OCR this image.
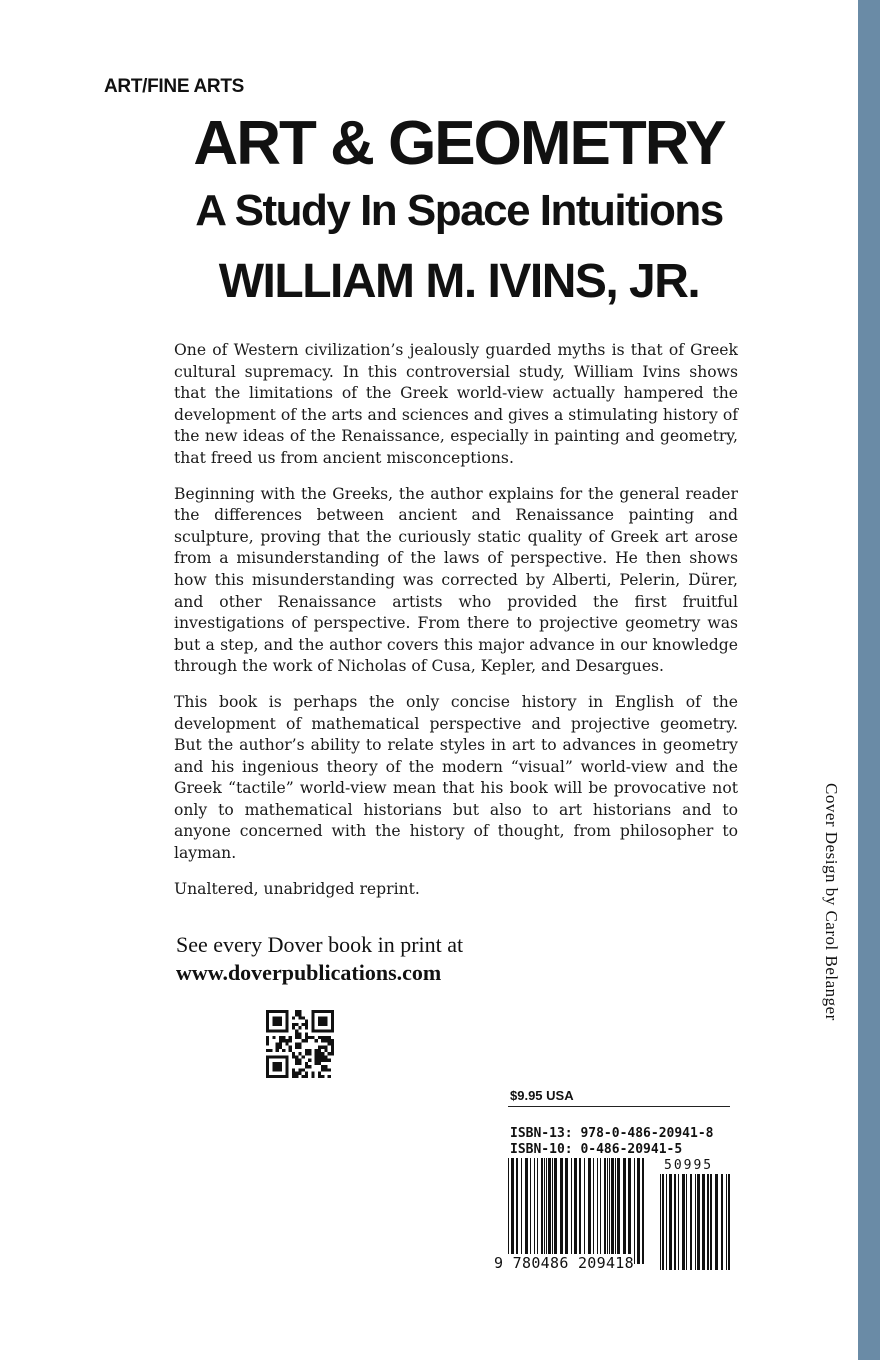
ART/FINE ARTS
ART & GEOMETRY
A Study In Space Intuitions
WILLIAM M. IVINS, JR.

One of Western civilization’s jealously guarded myths is that of Greek cultural supremacy. In this controversial study, William Ivins shows that the limitations of the Greek world-view actually hampered the development of the arts and sciences and gives a stimulating history of the new ideas of the Renaissance, especially in painting and geometry, that freed us from ancient misconceptions.

Beginning with the Greeks, the author explains for the general reader the differences between ancient and Renaissance painting and sculpture, proving that the curiously static quality of Greek art arose from a misunderstanding of the laws of perspective. He then shows how this misunderstanding was corrected by Alberti, Pelerin, Dürer, and other Renaissance artists who provided the first fruitful investigations of perspective. From there to projective geometry was but a step, and the author covers this major advance in our knowledge through the work of Nicholas of Cusa, Kepler, and Desargues.

This book is perhaps the only concise history in English of the development of mathematical perspective and projective geometry. But the author’s ability to relate styles in art to advances in geometry and his ingenious theory of the modern “visual” world-view and the Greek “tactile” world-view mean that his book will be provocative not only to mathematical historians but also to art historians and to anyone concerned with the history of thought, from philosopher to layman.

Unaltered, unabridged reprint.

See every Dover book in print at
www.doverpublications.com
$9.95 USA
ISBN-13: 978-0-486-20941-8
ISBN-10: 0-486-20941-5
50995
9 780486 209418
Cover Design by Carol Belanger
